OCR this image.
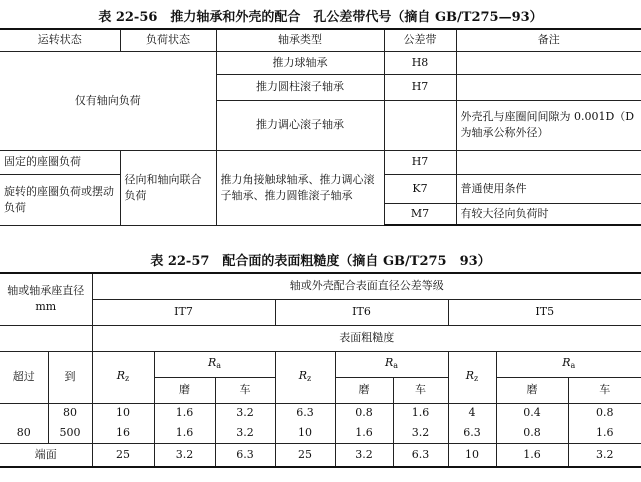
表 22-56　推力轴承和外壳的配合　孔公差带代号（摘自 GB/T275—93）
运转状态	负荷状态	轴承类型	公差带	备注
仅有轴向负荷		推力球轴承	H8	
		推力圆柱滚子轴承	H7	
		推力调心滚子轴承		外壳孔与座圈间间隙为 0.001D（D 为轴承公称外径）
固定的座圈负荷	径向和轴向联合负荷	推力角接触球轴承、推力调心滚子轴承、推力圆锥滚子轴承	H7	
旋转的座圈负荷或摆动负荷			K7	普通使用条件
			M7	有较大径向负荷时
表 22-57　配合面的表面粗糙度（摘自 GB/T275　93）
轴或轴承座直径 mm		轴或外壳配合表面直径公差等级								
		IT7			IT6			IT5		
		表面粗糙度								
超过	到	Rz	Ra		Rz	Ra		Rz	Ra	
			磨	车		磨	车		磨	车
	80	10	1.6	3.2	6.3	0.8	1.6	4	0.4	0.8
80	500	16	1.6	3.2	10	1.6	3.2	6.3	0.8	1.6
端面		25	3.2	6.3	25	3.2	6.3	10	1.6	3.2
